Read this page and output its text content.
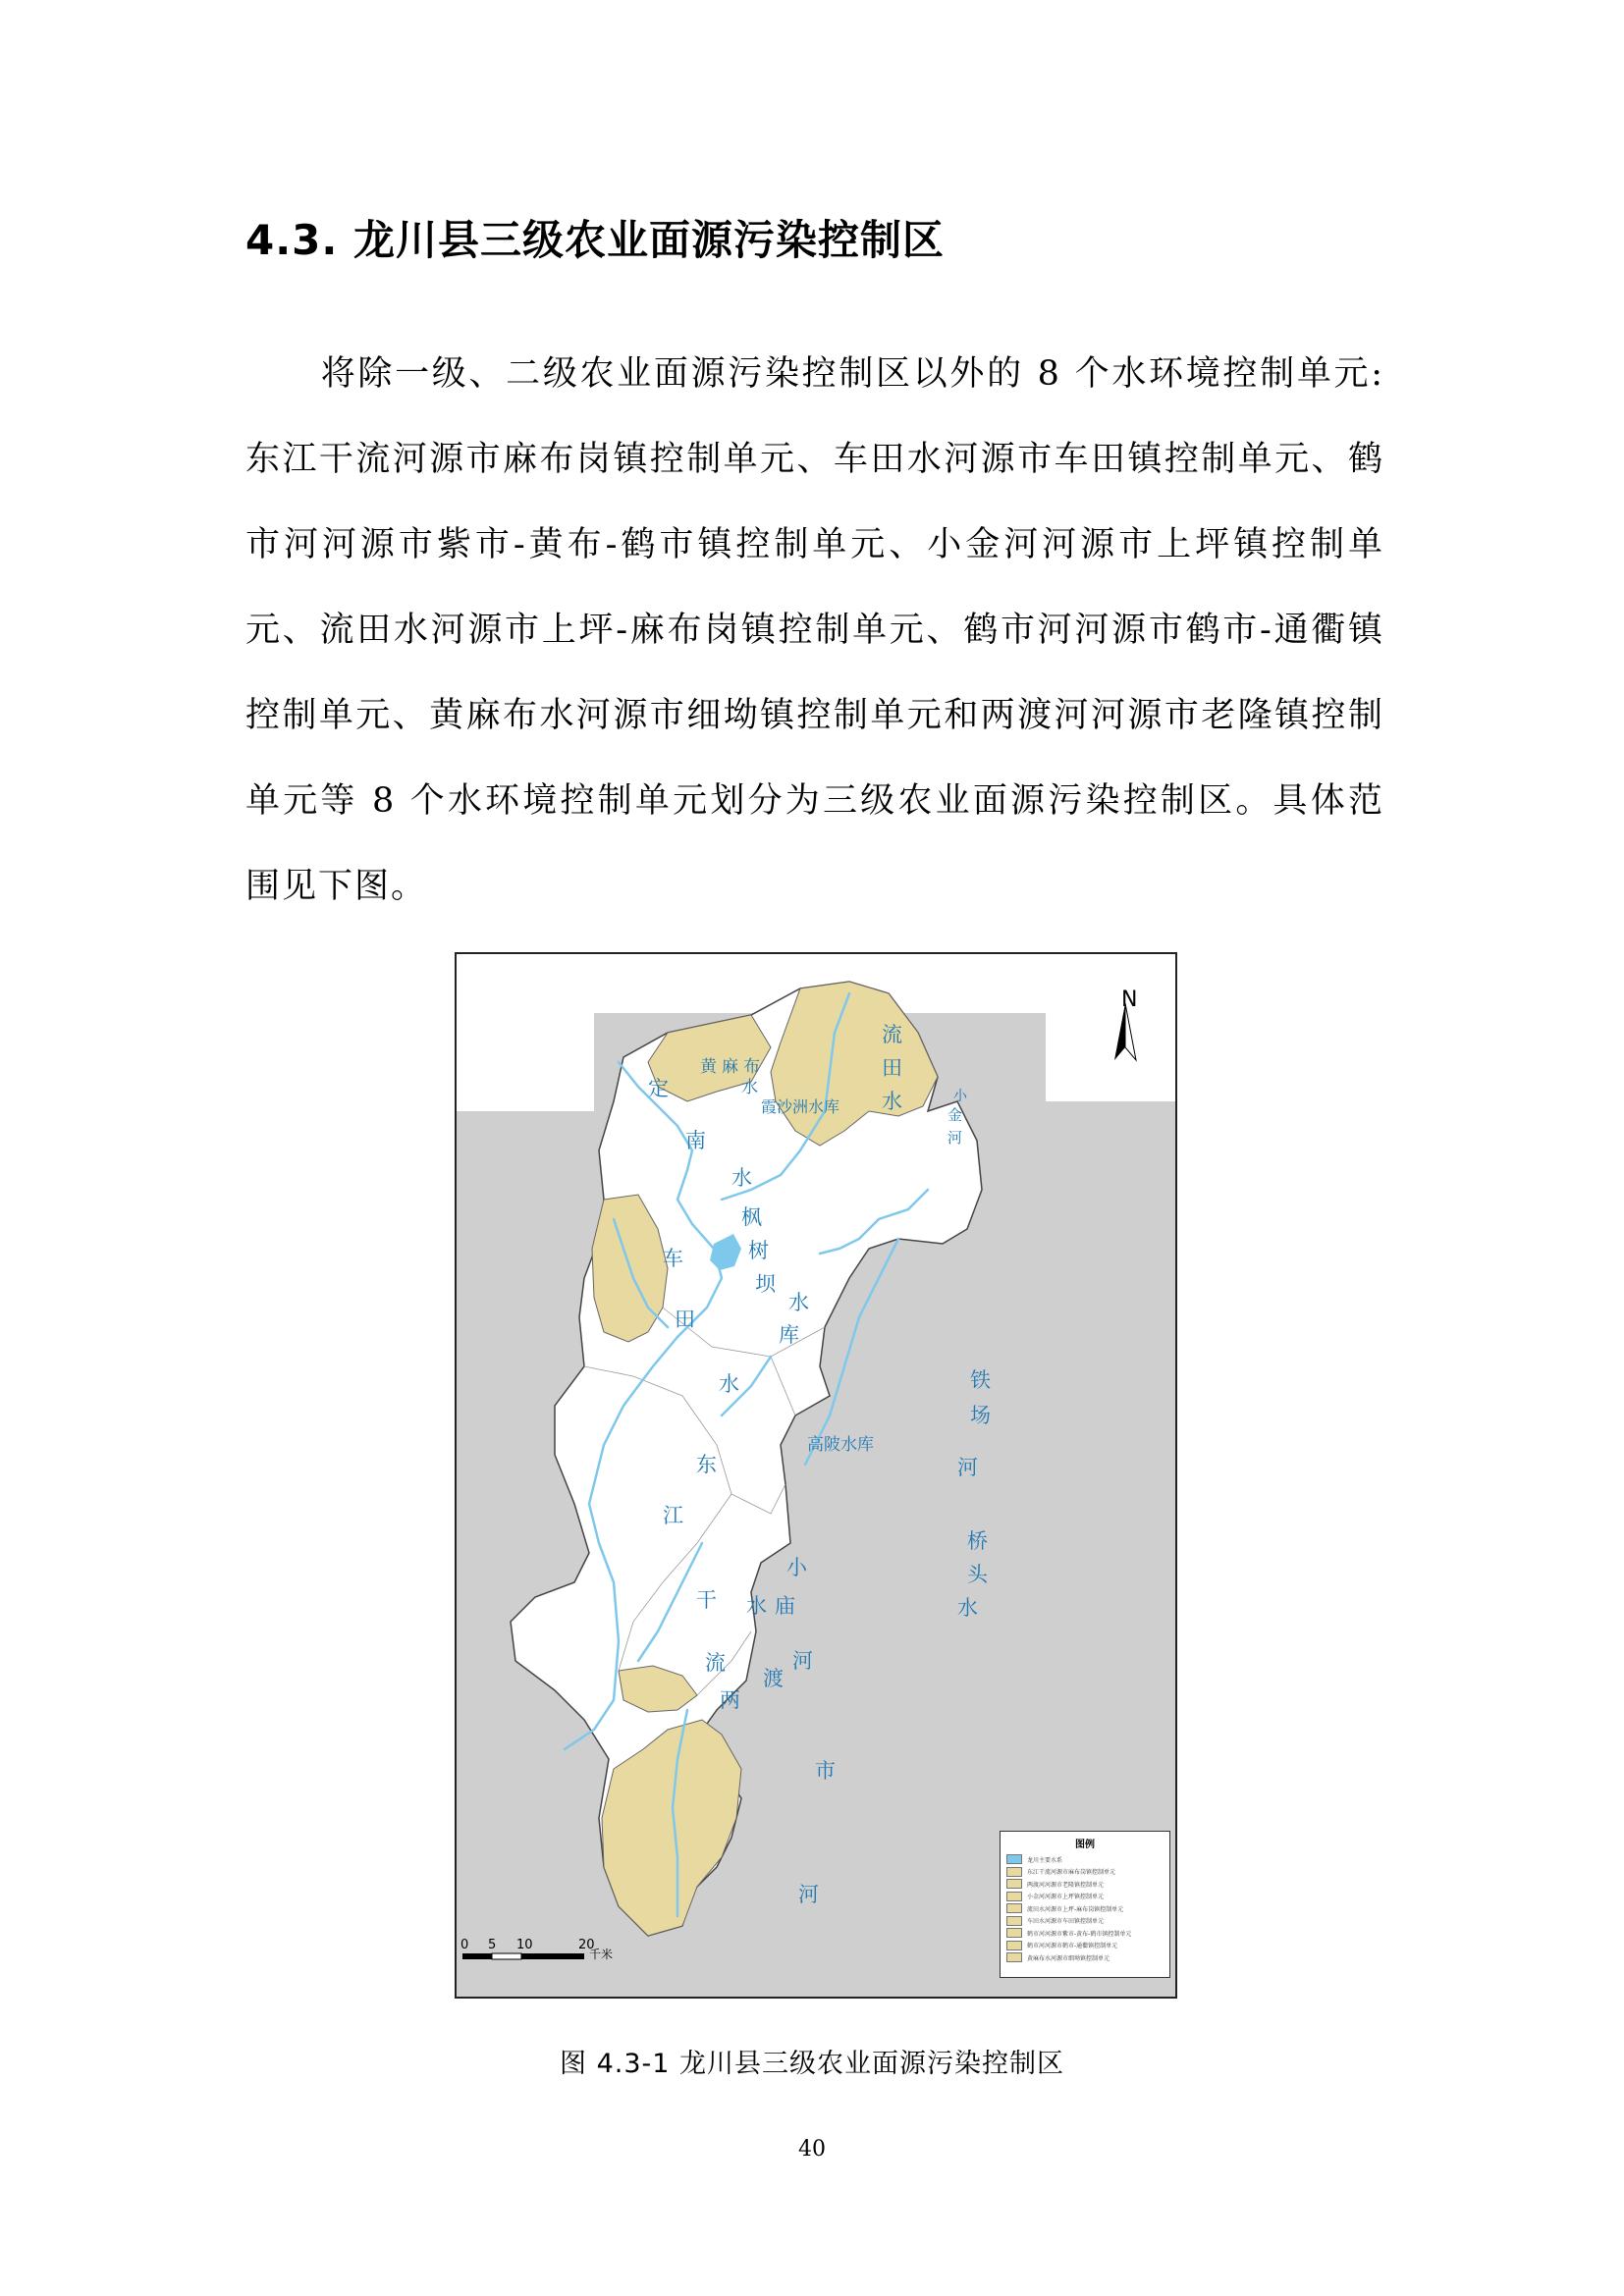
4.3. 龙川县三级农业面源污染控制区

将除一级、二级农业面源污染控制区以外的 8 个水环境控制单元:东江干流河源市麻布岗镇控制单元、车田水河源市车田镇控制单元、鹤市河河源市紫市-黄布-鹤市镇控制单元、小金河河源市上坪镇控制单元、流田水河源市上坪-麻布岗镇控制单元、鹤市河河源市鹤市-通衢镇控制单元、黄麻布水河源市细坳镇控制单元和两渡河河源市老隆镇控制单元等 8 个水环境控制单元划分为三级农业面源污染控制区。具体范围见下图。

N
黄 麻 布
水
定
南
水
霞沙洲水库
流
田
水	小
金
河
枫
树
坝
水
库
车
田
水	铁
场
河
高陂水库
东
江
干
流
小
水 庙
桥
头
水
河
渡
两
市
河
图例
龙川主要水系
东江干流河源市麻布岗镇控制单元
两渡河河源市老隆镇控制单元
小金河河源市上坪镇控制单元
流田水河源市上坪-麻布岗镇控制单元
车田水河源市车田镇控制单元
鹤市河河源市紫市-黄布-鹤市镇控制单元
鹤市河河源市鹤市-通衢镇控制单元
黄麻布水河源市细坳镇控制单元
0 5 10	20
千米
图 4.3-1 龙川县三级农业面源污染控制区
40
